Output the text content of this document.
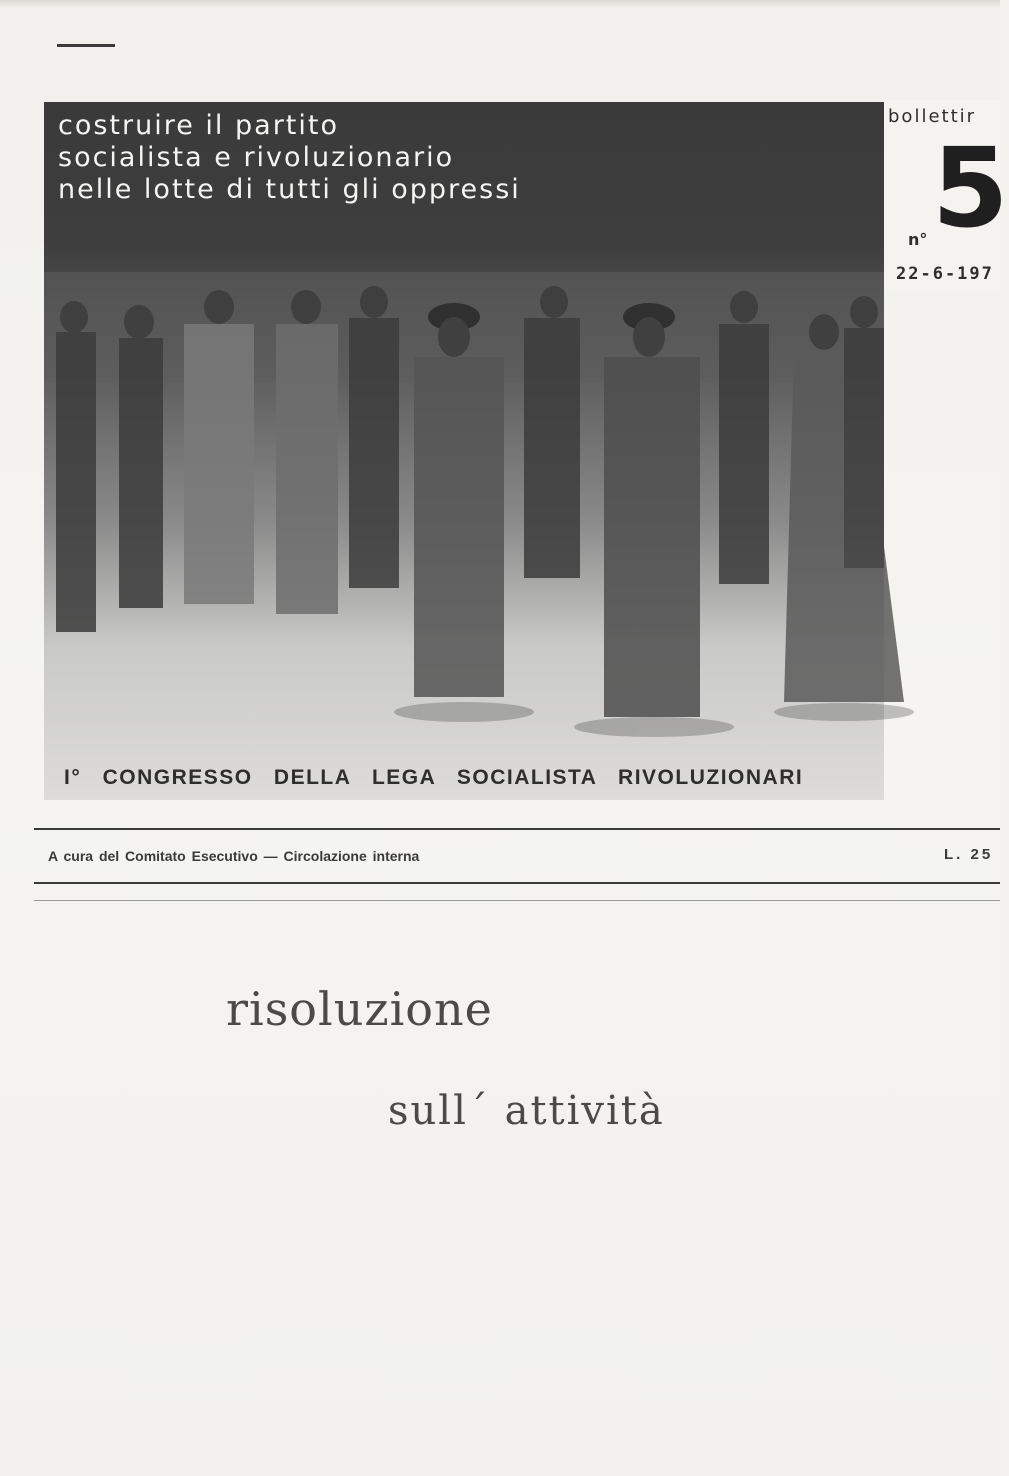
costruire il partito
socialista e rivoluzionario
nelle lotte di tutti gli oppressi
I° CONGRESSO DELLA LEGA SOCIALISTA RIVOLUZIONARI
bollettir
n° 5
22-6-197
A cura del Comitato Esecutivo — Circolazione interna	L. 25
risoluzione
sull´ attività
